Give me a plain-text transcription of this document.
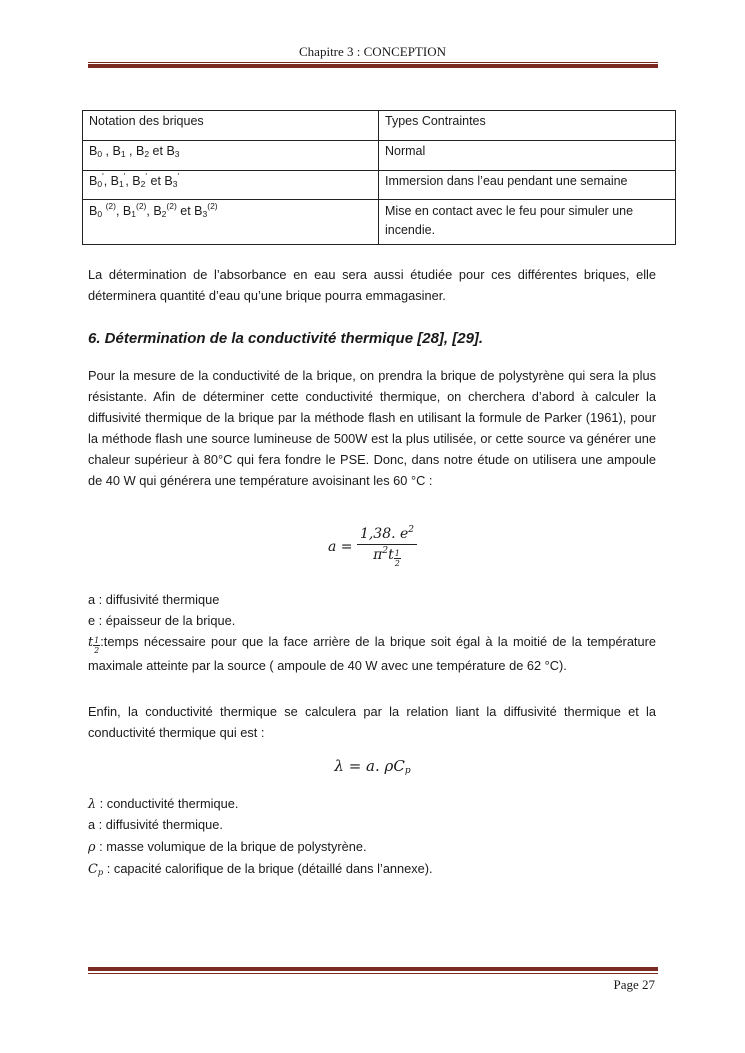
Chapitre 3 : CONCEPTION
Notation des briques	Types Contraintes
$B_0$ , $B_1$ , $B_2$ et $B_3$	Normal
$B_0'$, $B_1'$, $B_2'$ et $B_3'$	Immersion dans l’eau pendant une semaine
$B_0$ $^{(2)}$, $B_1^{(2)}$, $B_2^{(2)}$ et $B_3^{(2)}$	Mise en contact avec le feu pour simuler une incendie.
La détermination de l’absorbance en eau sera aussi étudiée pour ces différentes briques, elle déterminera quantité d’eau qu’une brique pourra emmagasiner.
6. Détermination de la conductivité thermique [28], [29].
Pour la mesure de la conductivité de la brique, on prendra la brique de polystyrène qui sera la plus résistante. Afin de déterminer cette conductivité thermique, on cherchera d’abord à calculer la diffusivité thermique de la brique par la méthode flash en utilisant la formule de Parker (1961), pour la méthode flash une source lumineuse de 500W est la plus utilisée, or cette source va générer une chaleur supérieur à 80°C qui fera fondre le PSE. Donc, dans notre étude on utilisera une ampoule de 40 W qui générera une température avoisinant les 60 °C :
$a = \frac{1,38. e^2}{\pi^2t \frac{1}{2}}$
a : diffusivité thermique
e : épaisseur de la brique.
t $\frac{1}{2}$ :temps nécessaire pour que la face arrière de la brique soit égal à la moitié de la température maximale atteinte par la source ( ampoule de 40 W avec une température de 62 °C).
Enfin, la conductivité thermique se calculera par la relation liant la diffusivité thermique et la conductivité thermique qui est :
λ = a. $\rho C_p$
λ : conductivité thermique.
a : diffusivité thermique.
ρ : masse volumique de la brique de polystyrène.
$C_p$ : capacité calorifique de la brique (détaillé dans l’annexe).
Page 27
